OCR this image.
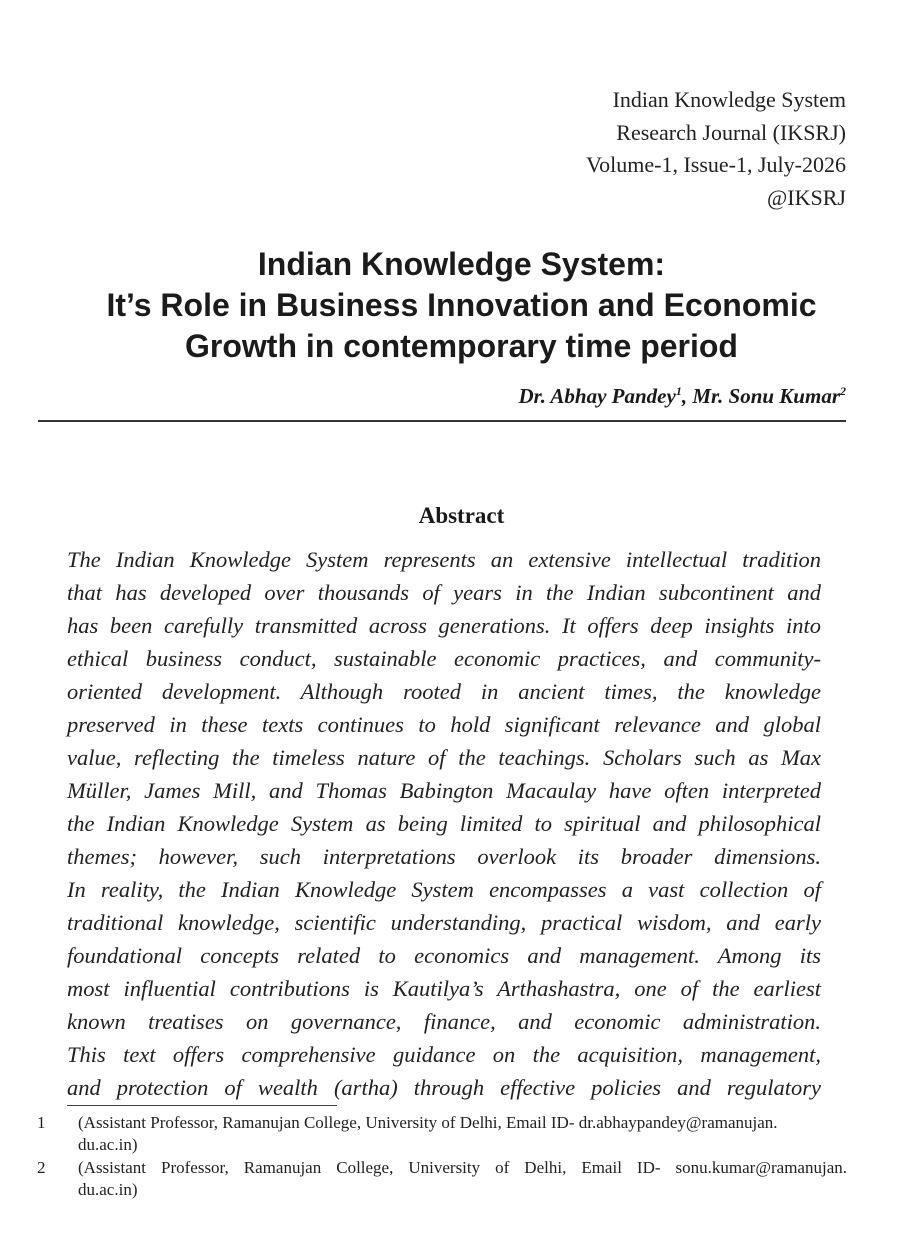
Indian Knowledge System
Research Journal (IKSRJ)
Volume-1, Issue-1, July-2026
@IKSRJ
Indian Knowledge System:
It’s Role in Business Innovation and Economic
Growth in contemporary time period
Dr. Abhay Pandey$^1$, Mr. Sonu Kumar$^2$
Abstract
The Indian Knowledge System represents an extensive intellectual tradition
that has developed over thousands of years in the Indian subcontinent and
has been carefully transmitted across generations. It offers deep insights into
ethical business conduct, sustainable economic practices, and community-
oriented development. Although rooted in ancient times, the knowledge
preserved in these texts continues to hold significant relevance and global
value, reflecting the timeless nature of the teachings. Scholars such as Max
Müller, James Mill, and Thomas Babington Macaulay have often interpreted
the Indian Knowledge System as being limited to spiritual and philosophical
themes; however, such interpretations overlook its broader dimensions.
In reality, the Indian Knowledge System encompasses a vast collection of
traditional knowledge, scientific understanding, practical wisdom, and early
foundational concepts related to economics and management. Among its
most influential contributions is Kautilya’s Arthashastra, one of the earliest
known treatises on governance, finance, and economic administration.
This text offers comprehensive guidance on the acquisition, management,
and protection of wealth (artha) through effective policies and regulatory
1	(Assistant Professor, Ramanujan College, University of Delhi, Email ID- dr.abhaypandey@ramanujan.
du.ac.in)
2	(Assistant Professor, Ramanujan College, University of Delhi, Email ID- sonu.kumar@ramanujan.
du.ac.in)
